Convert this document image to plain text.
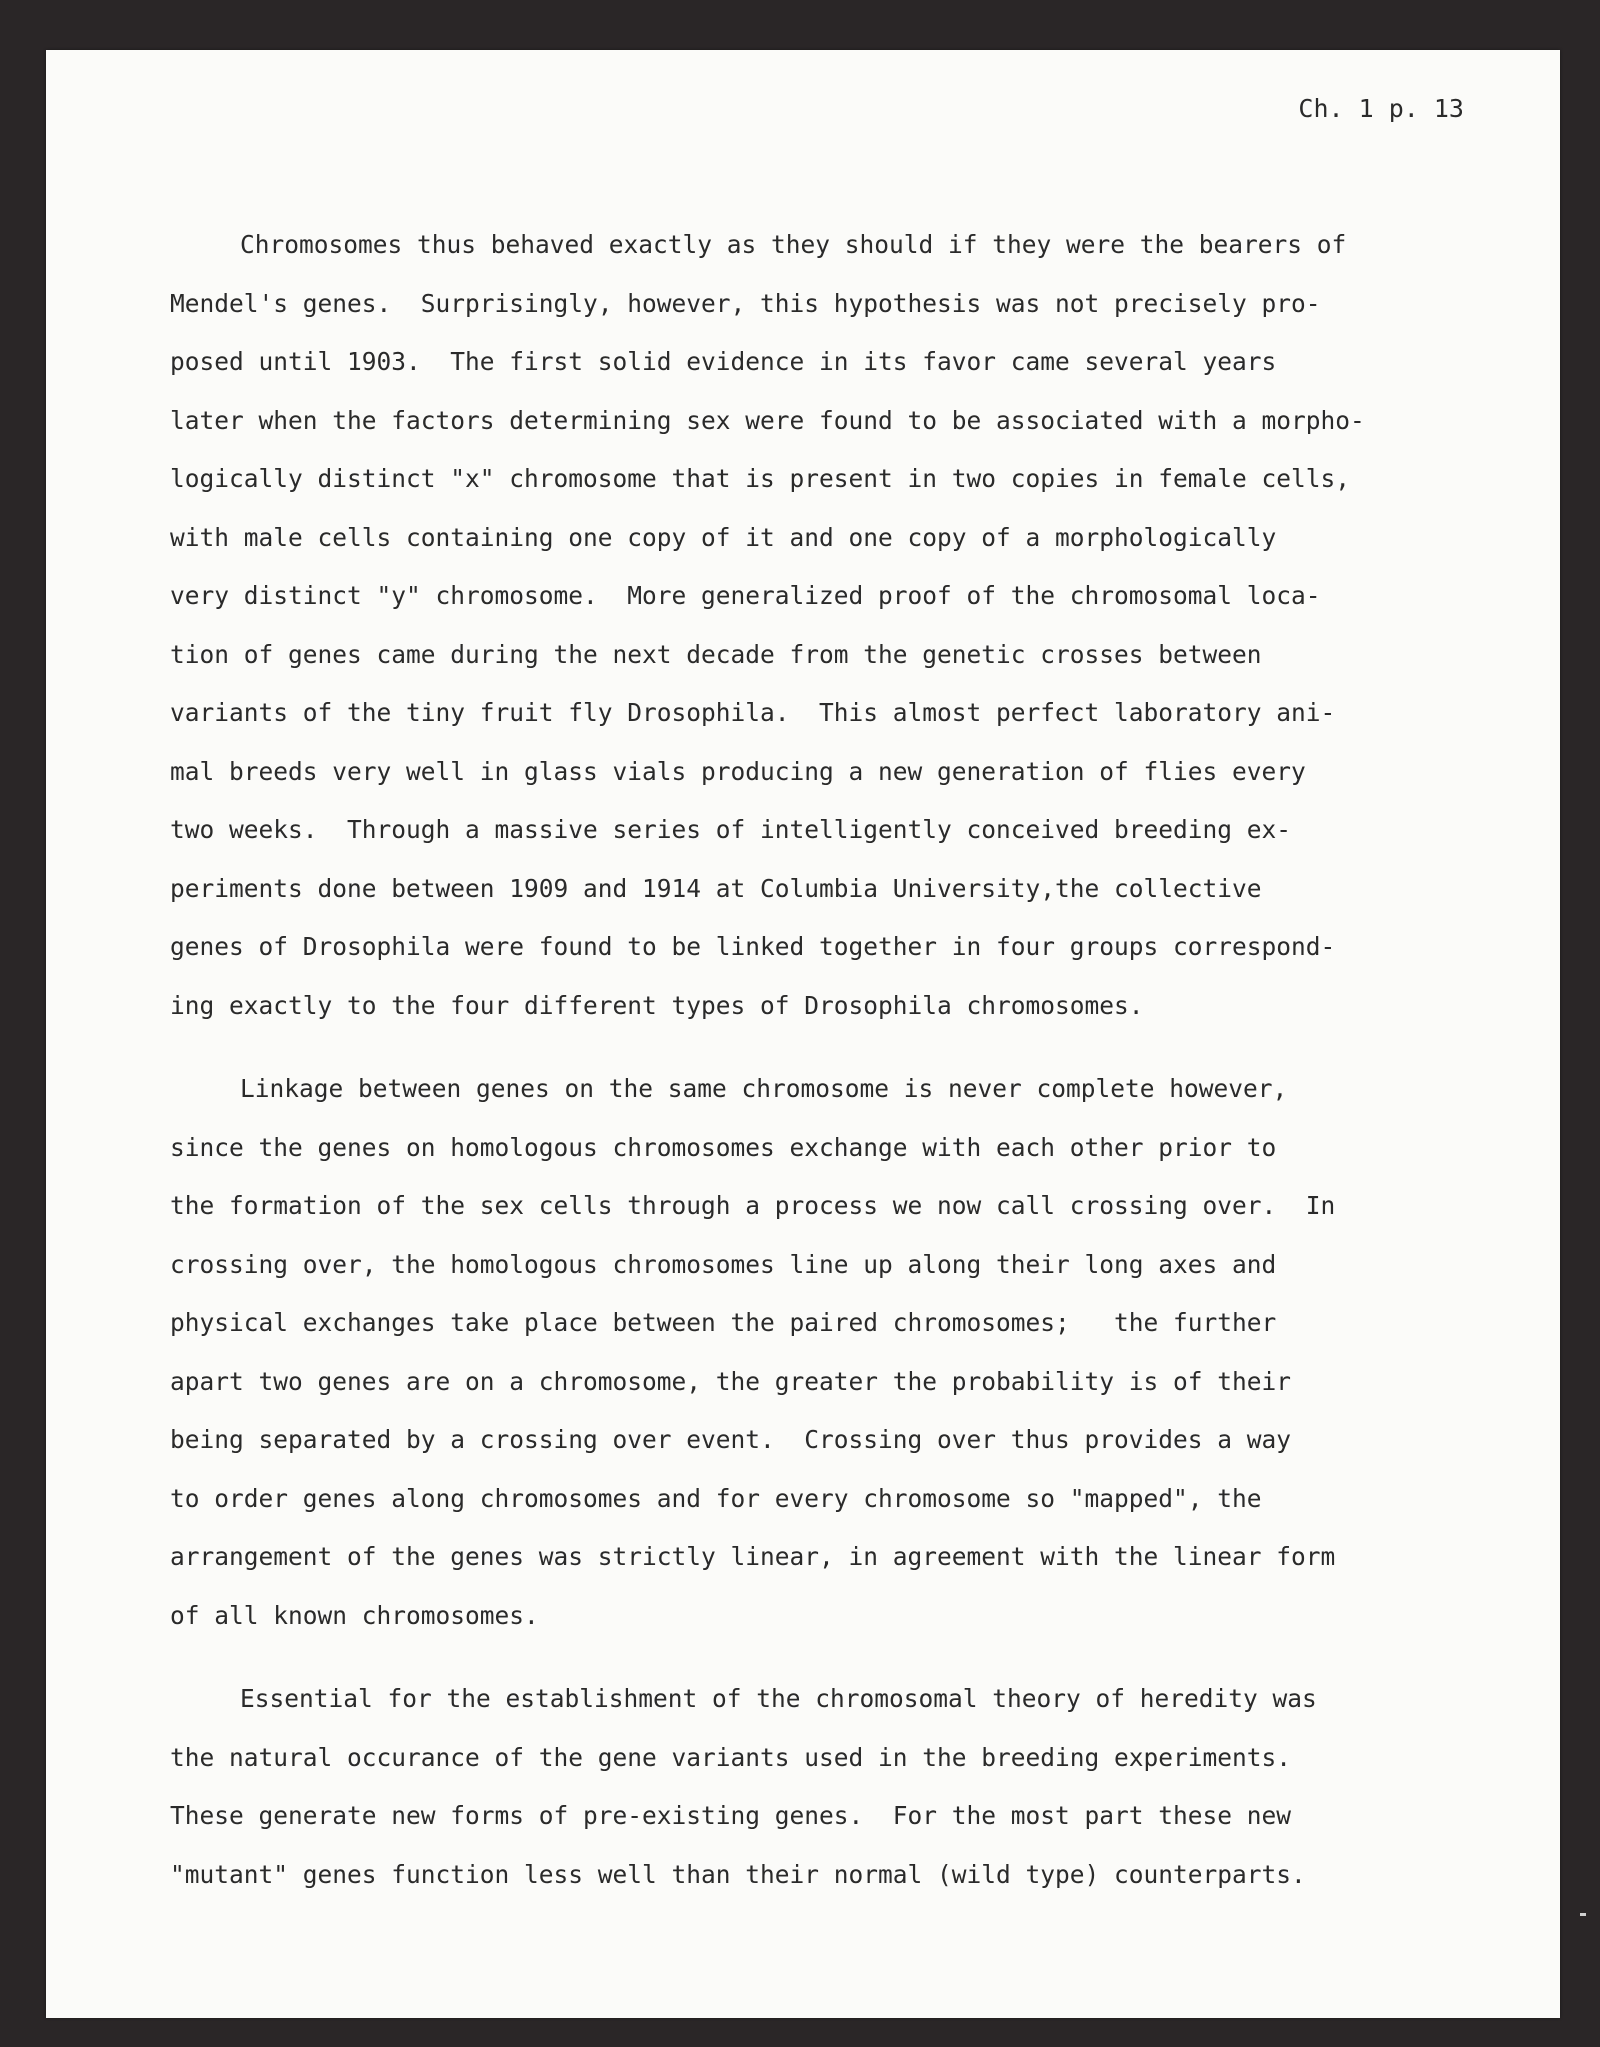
Ch. 1 p. 13
Chromosomes thus behaved exactly as they should if they were the bearers of
Mendel's genes.  Surprisingly, however, this hypothesis was not precisely pro-
posed until 1903.  The first solid evidence in its favor came several years
later when the factors determining sex were found to be associated with a morpho-
logically distinct "x" chromosome that is present in two copies in female cells,
with male cells containing one copy of it and one copy of a morphologically
very distinct "y" chromosome.  More generalized proof of the chromosomal loca-
tion of genes came during the next decade from the genetic crosses between
variants of the tiny fruit fly Drosophila.  This almost perfect laboratory ani-
mal breeds very well in glass vials producing a new generation of flies every
two weeks.  Through a massive series of intelligently conceived breeding ex-
periments done between 1909 and 1914 at Columbia University,the collective
genes of Drosophila were found to be linked together in four groups correspond-
ing exactly to the four different types of Drosophila chromosomes.
Linkage between genes on the same chromosome is never complete however,
since the genes on homologous chromosomes exchange with each other prior to
the formation of the sex cells through a process we now call crossing over.  In
crossing over, the homologous chromosomes line up along their long axes and
physical exchanges take place between the paired chromosomes;   the further
apart two genes are on a chromosome, the greater the probability is of their
being separated by a crossing over event.  Crossing over thus provides a way
to order genes along chromosomes and for every chromosome so "mapped", the
arrangement of the genes was strictly linear, in agreement with the linear form
of all known chromosomes.
Essential for the establishment of the chromosomal theory of heredity was
the natural occurance of the gene variants used in the breeding experiments.
These generate new forms of pre-existing genes.  For the most part these new
"mutant" genes function less well than their normal (wild type) counterparts.
